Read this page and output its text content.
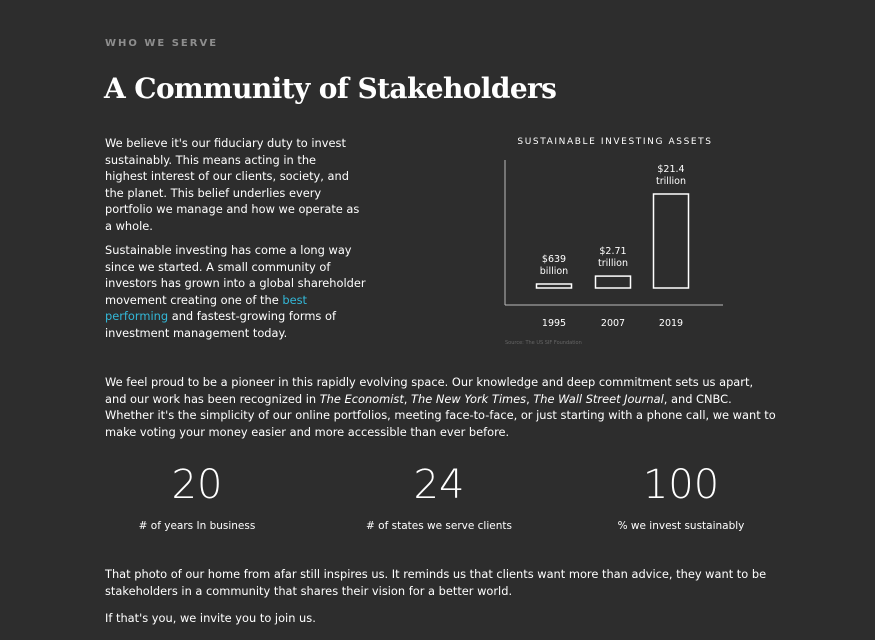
WHO WE SERVE
A Community of Stakeholders

We believe it's our fiduciary duty to invest sustainably. This means acting in the highest interest of our clients, society, and the planet. This belief underlies every portfolio we manage and how we operate as a whole.

Sustainable investing has come a long way since we started. A small community of investors has grown into a global shareholder movement creating one of the best performing and fastest-growing forms of investment management today.

SUSTAINABLE INVESTING ASSETS
$639
billion
1995
$2.71
trillion
2007
$21.4
trillion
2019
Source: The US SIF Foundation

We feel proud to be a pioneer in this rapidly evolving space. Our knowledge and deep commitment sets us apart, and our work has been recognized in The Economist, The New York Times, The Wall Street Journal, and CNBC. Whether it's the simplicity of our online portfolios, meeting face-to-face, or just starting with a phone call, we want to make voting your money easier and more accessible than ever before.

20
# of years In business
24
# of states we serve clients
100
% we invest sustainably

That photo of our home from afar still inspires us. It reminds us that clients want more than advice, they want to be stakeholders in a community that shares their vision for a better world.

If that's you, we invite you to join us.
